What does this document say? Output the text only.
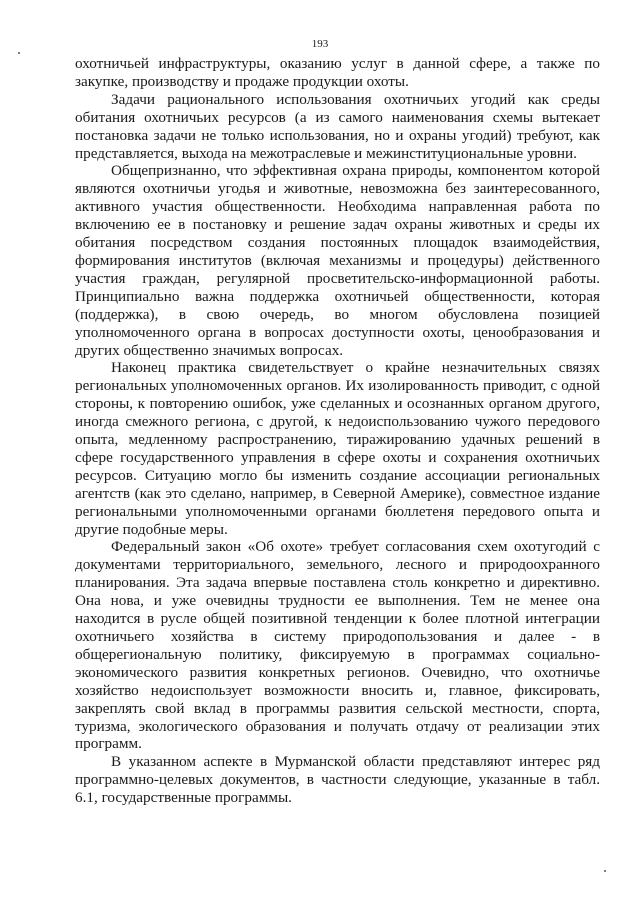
193

охотничьей инфраструктуры, оказанию услуг в данной сфере, а также по закупке, производству и продаже продукции охоты.

Задачи рационального использования охотничьих угодий как среды обитания охотничьих ресурсов (а из самого наименования схемы вытекает постановка задачи не только использования, но и охраны угодий) требуют, как представляется, выхода на межотраслевые и межинституциональные уровни.

Общепризнанно, что эффективная охрана природы, компонентом которой являются охотничьи угодья и животные, невозможна без заинтересованного, активного участия общественности. Необходима направленная работа по включению ее в постановку и решение задач охраны животных и среды их обитания посредством создания постоянных площадок взаимодействия, формирования институтов (включая механизмы и процедуры) действенного участия граждан, регулярной просветительско-информационной работы. Принципиально важна поддержка охотничьей общественности, которая (поддержка), в свою очередь, во многом обусловлена позицией уполномоченного органа в вопросах доступности охоты, ценообразования и других общественно значимых вопросах.

Наконец практика свидетельствует о крайне незначительных связях региональных уполномоченных органов. Их изолированность приводит, с одной стороны, к повторению ошибок, уже сделанных и осознанных органом другого, иногда смежного региона, с другой, к недоиспользованию чужого передового опыта, медленному распространению, тиражированию удачных решений в сфере государственного управления в сфере охоты и сохранения охотничьих ресурсов. Ситуацию могло бы изменить создание ассоциации региональных агентств (как это сделано, например, в Северной Америке), совместное издание региональными уполномоченными органами бюллетеня передового опыта и другие подобные меры.

Федеральный закон «Об охоте» требует согласования схем охотугодий с документами территориального, земельного, лесного и природоохранного планирования. Эта задача впервые поставлена столь конкретно и директивно. Она нова, и уже очевидны трудности ее выполнения. Тем не менее она находится в русле общей позитивной тенденции к более плотной интеграции охотничьего хозяйства в систему природопользования и далее - в общерегиональную политику, фиксируемую в программах социально-экономического развития конкретных регионов. Очевидно, что охотничье хозяйство недоиспользует возможности вносить и, главное, фиксировать, закреплять свой вклад в программы развития сельской местности, спорта, туризма, экологического образования и получать отдачу от реализации этих программ.

В указанном аспекте в Мурманской области представляют интерес ряд программно-целевых документов, в частности следующие, указанные в табл. 6.1, государственные программы.
